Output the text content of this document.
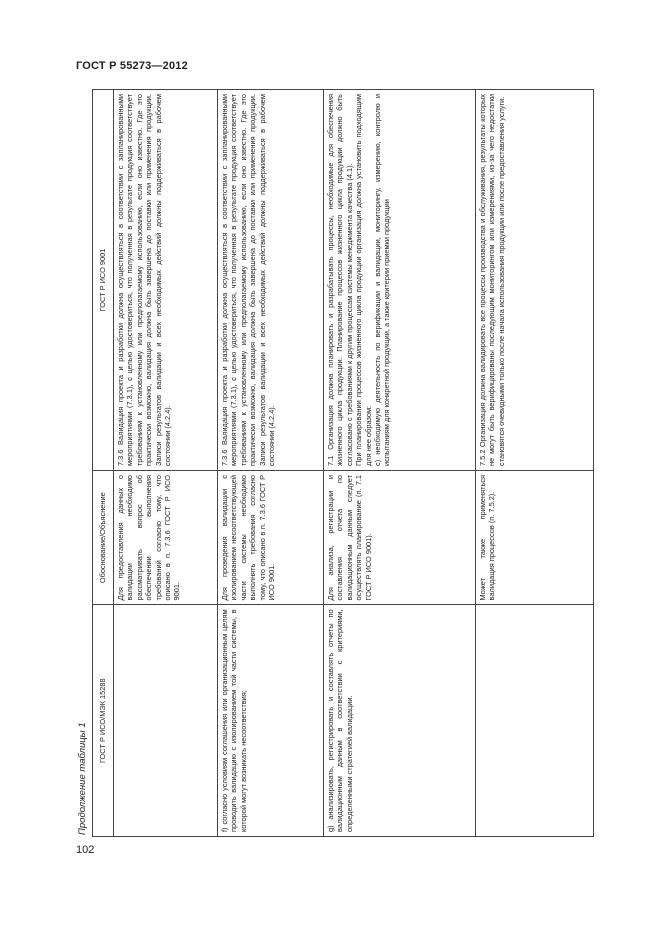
ГОСТ Р 55273—2012
Продолжение таблицы 1
ГОСТ Р ИСО/МЭК 15288	Обоснование/Объяснение	ГОСТ Р ИСО 9001

	Для предоставления данных о валидации необходимо рассматривать вопрос об обеспечении выполнения требований согласно тому, что описано в п. 7.3.6 ГОСТ Р ИСО 9001.	7.3.6 Валидация проекта и разработки должна осуществляться в соответствии с запланированными мероприятиями (7.3.1), с целью удостовериться, что полученная в результате продукция соответствует требованиям к установленному или предполагаемому использованию, если оно известно. Где это практически возможно, валидация должна быть завершена до поставки или применения продукции. Записи результатов валидации и всех необходимых действий должны поддерживаться в рабочем состоянии (4.2.4).

f) согласно условиям соглашения или организационным целям проводить валидацию с изолированием той части системы, в которой могут возникать несоответствия;	Для проведения валидации с изолированием несоответствующей части системы необходимо выполнять требования согласно тому, что описано в п. 7.3.6 ГОСТ Р ИСО 9001.	7.3.6 Валидация проекта и разработки должна осуществляться в соответствии с запланированными мероприятиями (7.3.1), с целью удостовериться, что полученная в результате продукция соответствует требованиям к установленному или предполагаемому использованию, если оно известно. Где это практически возможно, валидация должна быть завершена до поставки или применения продукции. Записи результатов валидации и всех необходимых действий должны поддерживаться в рабочем состоянии (4.2.4).

g) анализировать, регистрировать и составлять отчеты по валидационным данным в соответствии с критериями, определенными стратегией валидации.	Для анализа, регистрации и составления отчета по валидационным данным следует осуществлять планирование (п. 7.1 ГОСТ Р ИСО 9001).	7.1 Организация должна планировать и разрабатывать процессы, необходимые для обеспечения жизненного цикла продукции. Планирование процессов жизненного цикла продукции должно быть согласовано с требованиями к другим процессам системы менеджмента качества (4.1).
При планировании процессов жизненного цикла продукции организация должна установить подходящим для нее образом:
c) необходимую деятельность по верификации и валидации, мониторингу, измерению, контролю и испытаниям для конкретной продукции, а также критерии приемки продукции

	Может также применяться валидация процессов (п. 7.5.2).	7.5.2 Организация должна валидировать все процессы производства и обслуживания, результаты которых не могут быть верифицированы последующим мониторингом или измерениями, из-за чего недостатки становятся очевидными только после начала использования продукции или после предоставления услуги.
102
